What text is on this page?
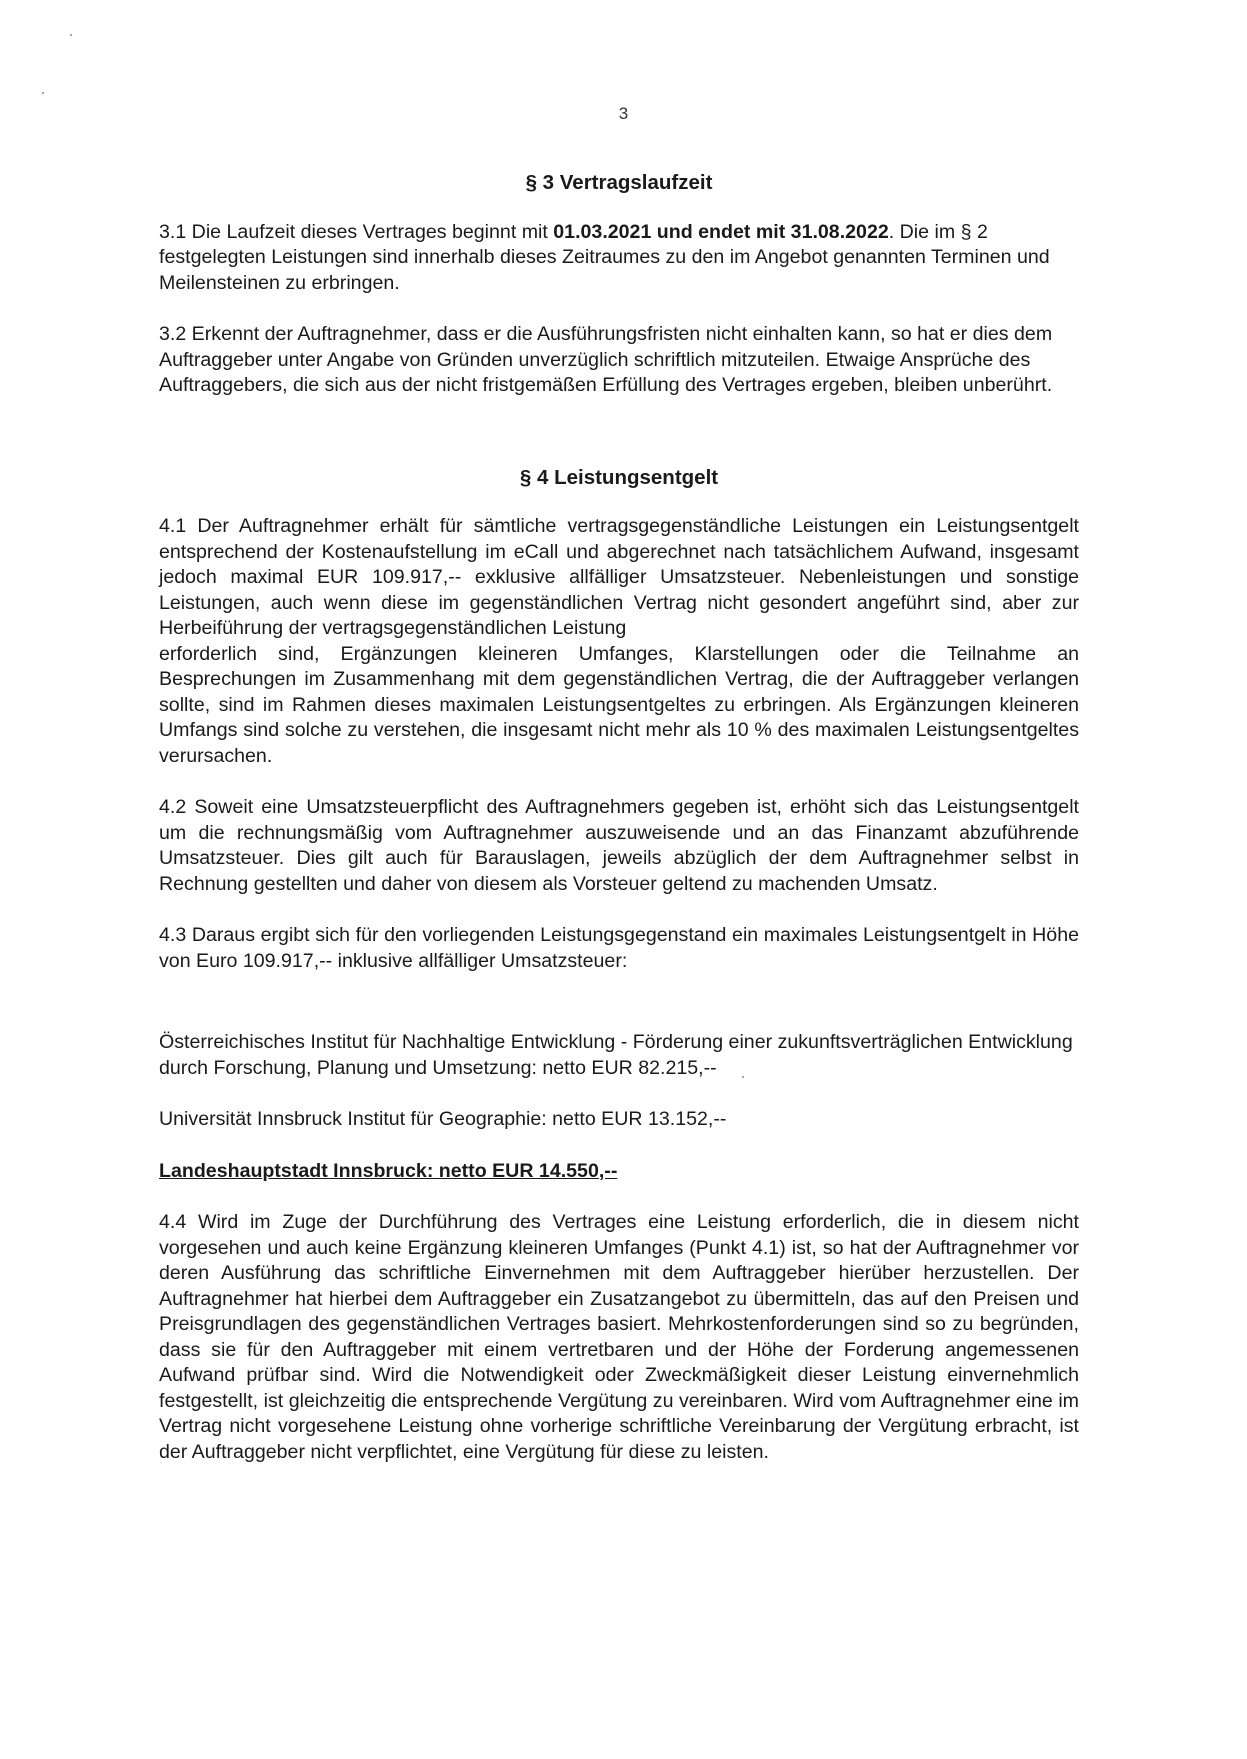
3
§ 3 Vertragslaufzeit

3.1 Die Laufzeit dieses Vertrages beginnt mit 01.03.2021 und endet mit 31.08.2022. Die im § 2 festgelegten Leistungen sind innerhalb dieses Zeitraumes zu den im Angebot genannten Terminen und Meilensteinen zu erbringen.

3.2 Erkennt der Auftragnehmer, dass er die Ausführungsfristen nicht einhalten kann, so hat er dies dem Auftraggeber unter Angabe von Gründen unverzüglich schriftlich mitzuteilen. Etwaige Ansprüche des Auftraggebers, die sich aus der nicht fristgemäßen Erfüllung des Vertrages ergeben, bleiben unberührt.

§ 4 Leistungsentgelt

4.1 Der Auftragnehmer erhält für sämtliche vertragsgegenständliche Leistungen ein Leistungsentgelt entsprechend der Kostenaufstellung im eCall und abgerechnet nach tatsächlichem Aufwand, insgesamt jedoch maximal EUR 109.917,-- exklusive allfälliger Umsatzsteuer. Nebenleistungen und sonstige Leistungen, auch wenn diese im gegenständlichen Vertrag nicht gesondert angeführt sind, aber zur Herbeiführung der vertragsgegenständlichen Leistung

erforderlich sind, Ergänzungen kleineren Umfanges, Klarstellungen oder die Teilnahme an Besprechungen im Zusammenhang mit dem gegenständlichen Vertrag, die der Auftraggeber verlangen sollte, sind im Rahmen dieses maximalen Leistungsentgeltes zu erbringen. Als Ergänzungen kleineren Umfangs sind solche zu verstehen, die insgesamt nicht mehr als 10 % des maximalen Leistungsentgeltes verursachen.

4.2 Soweit eine Umsatzsteuerpflicht des Auftragnehmers gegeben ist, erhöht sich das Leistungsentgelt um die rechnungsmäßig vom Auftragnehmer auszuweisende und an das Finanzamt abzuführende Umsatzsteuer. Dies gilt auch für Barauslagen, jeweils abzüglich der dem Auftragnehmer selbst in Rechnung gestellten und daher von diesem als Vorsteuer geltend zu machenden Umsatz.

4.3 Daraus ergibt sich für den vorliegenden Leistungsgegenstand ein maximales Leistungsentgelt in Höhe von Euro 109.917,-- inklusive allfälliger Umsatzsteuer:

Österreichisches Institut für Nachhaltige Entwicklung - Förderung einer zukunftsverträglichen Entwicklung durch Forschung, Planung und Umsetzung: netto EUR 82.215,--

Universität Innsbruck Institut für Geographie: netto EUR 13.152,--

Landeshauptstadt Innsbruck: netto EUR 14.550,--

4.4 Wird im Zuge der Durchführung des Vertrages eine Leistung erforderlich, die in diesem nicht vorgesehen und auch keine Ergänzung kleineren Umfanges (Punkt 4.1) ist, so hat der Auftragnehmer vor deren Ausführung das schriftliche Einvernehmen mit dem Auftraggeber hierüber herzustellen. Der Auftragnehmer hat hierbei dem Auftraggeber ein Zusatzangebot zu übermitteln, das auf den Preisen und Preisgrundlagen des gegenständlichen Vertrages basiert. Mehrkostenforderungen sind so zu begründen, dass sie für den Auftraggeber mit einem vertretbaren und der Höhe der Forderung angemessenen Aufwand prüfbar sind. Wird die Notwendigkeit oder Zweckmäßigkeit dieser Leistung einvernehmlich festgestellt, ist gleichzeitig die entsprechende Vergütung zu vereinbaren. Wird vom Auftragnehmer eine im Vertrag nicht vorgesehene Leistung ohne vorherige schriftliche Vereinbarung der Vergütung erbracht, ist der Auftraggeber nicht verpflichtet, eine Vergütung für diese zu leisten.
